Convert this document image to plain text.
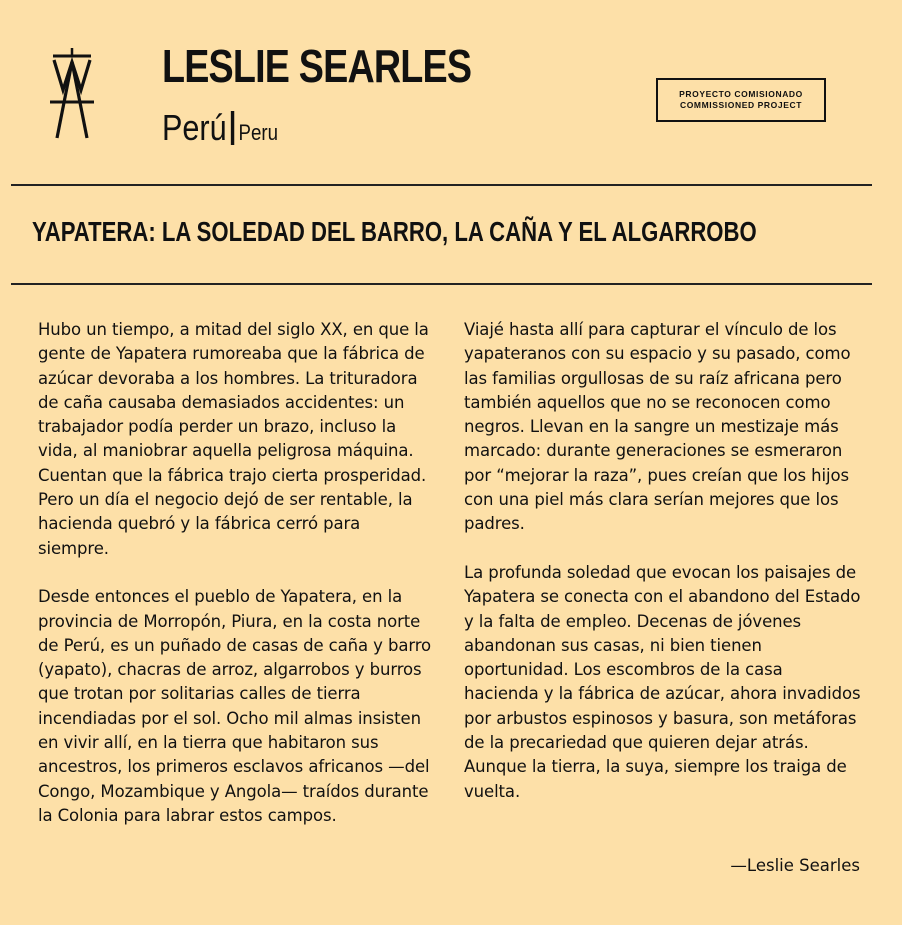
LESLIE SEARLES
Perú Peru
PROYECTO COMISIONADO
COMMISSIONED PROJECT
YAPATERA: LA SOLEDAD DEL BARRO, LA CAÑA Y EL ALGARROBO

Hubo un tiempo, a mitad del siglo XX, en que la gente de Yapatera rumoreaba que la fábrica de azúcar devoraba a los hombres. La trituradora de caña causaba demasiados accidentes: un trabajador podía perder un brazo, incluso la vida, al maniobrar aquella peligrosa máquina. Cuentan que la fábrica trajo cierta prosperidad. Pero un día el negocio dejó de ser rentable, la hacienda quebró y la fábrica cerró para siempre.

Desde entonces el pueblo de Yapatera, en la provincia de Morropón, Piura, en la costa norte de Perú, es un puñado de casas de caña y barro (yapato), chacras de arroz, algarrobos y burros que trotan por solitarias calles de tierra incendiadas por el sol. Ocho mil almas insisten en vivir allí, en la tierra que habitaron sus ancestros, los primeros esclavos africanos —del Congo, Mozambique y Angola— traídos durante la Colonia para labrar estos campos.

Viajé hasta allí para capturar el vínculo de los yapateranos con su espacio y su pasado, como las familias orgullosas de su raíz africana pero también aquellos que no se reconocen como negros. Llevan en la sangre un mestizaje más marcado: durante generaciones se esmeraron por “mejorar la raza”, pues creían que los hijos con una piel más clara serían mejores que los padres.

La profunda soledad que evocan los paisajes de Yapatera se conecta con el abandono del Estado y la falta de empleo. Decenas de jóvenes abandonan sus casas, ni bien tienen oportunidad. Los escombros de la casa hacienda y la fábrica de azúcar, ahora invadidos por arbustos espinosos y basura, son metáforas de la precariedad que quieren dejar atrás. Aunque la tierra, la suya, siempre los traiga de vuelta.

—Leslie Searles
